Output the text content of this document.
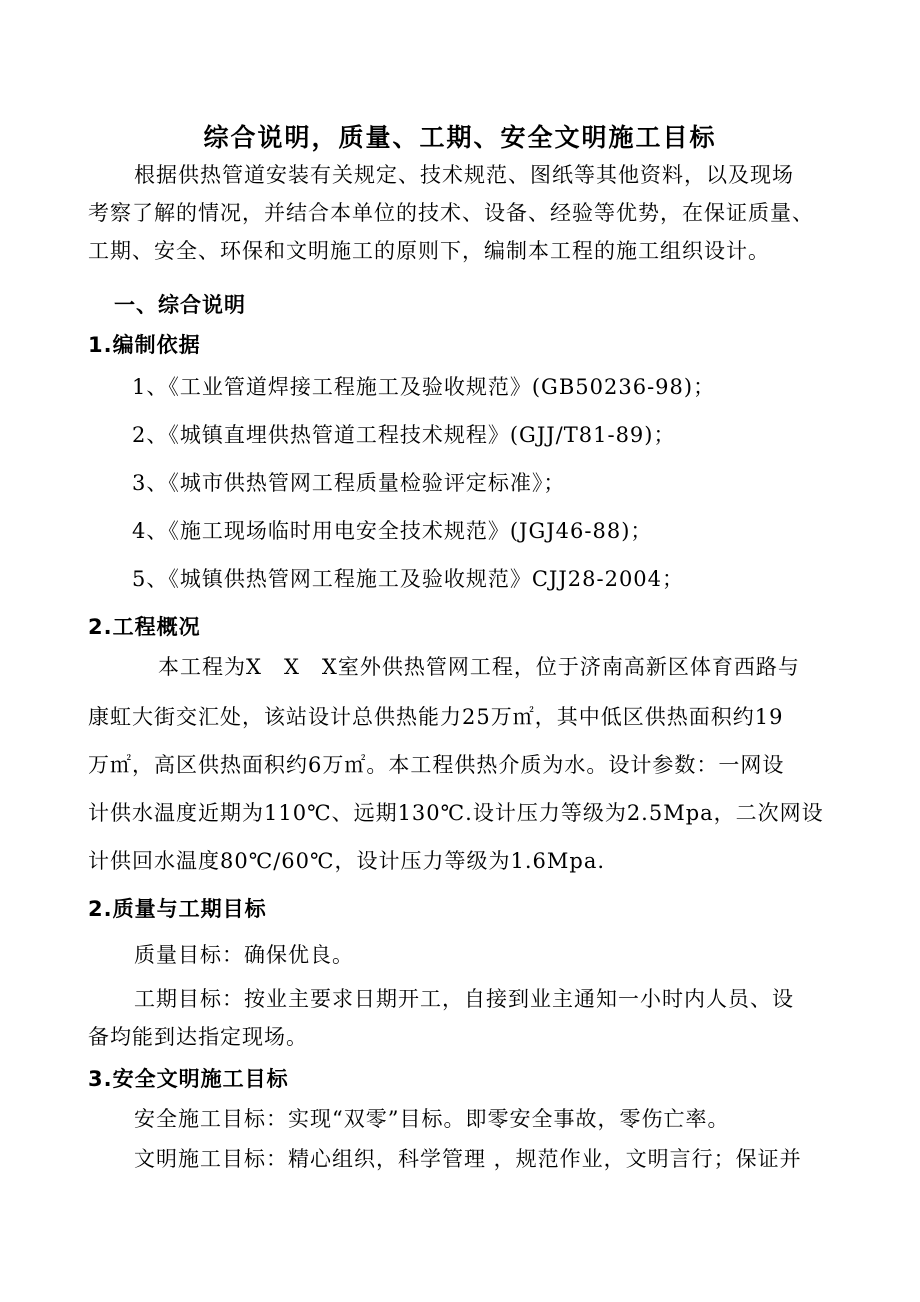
综合说明，质量、工期、安全文明施工目标
根据供热管道安装有关规定、技术规范、图纸等其他资料，以及现场
考察了解的情况，并结合本单位的技术、设备、经验等优势，在保证质量、
工期、安全、环保和文明施工的原则下，编制本工程的施工组织设计。
一、综合说明
1.编制依据
1、《工业管道焊接工程施工及验收规范》(GB50236-98)；
2、《城镇直埋供热管道工程技术规程》(GJJ/T81-89)；
3、《城市供热管网工程质量检验评定标准》；
4、《施工现场临时用电安全技术规范》(JGJ46-88)；
5、《城镇供热管网工程施工及验收规范》CJJ28-2004；
2.工程概况
本工程为X　X　X室外供热管网工程，位于济南高新区体育西路与
康虹大街交汇处，该站设计总供热能力25万㎡，其中低区供热面积约19
万㎡，高区供热面积约6万㎡。本工程供热介质为水。设计参数：一网设
计供水温度近期为110℃、远期130℃.设计压力等级为2.5Mpa，二次网设
计供回水温度80℃/60℃，设计压力等级为1.6Mpa.
2.质量与工期目标
质量目标：确保优良。
工期目标：按业主要求日期开工，自接到业主通知一小时内人员、设
备均能到达指定现场。
3.安全文明施工目标
安全施工目标：实现“双零”目标。即零安全事故，零伤亡率。
文明施工目标：精心组织，科学管理 ，规范作业，文明言行；保证并
